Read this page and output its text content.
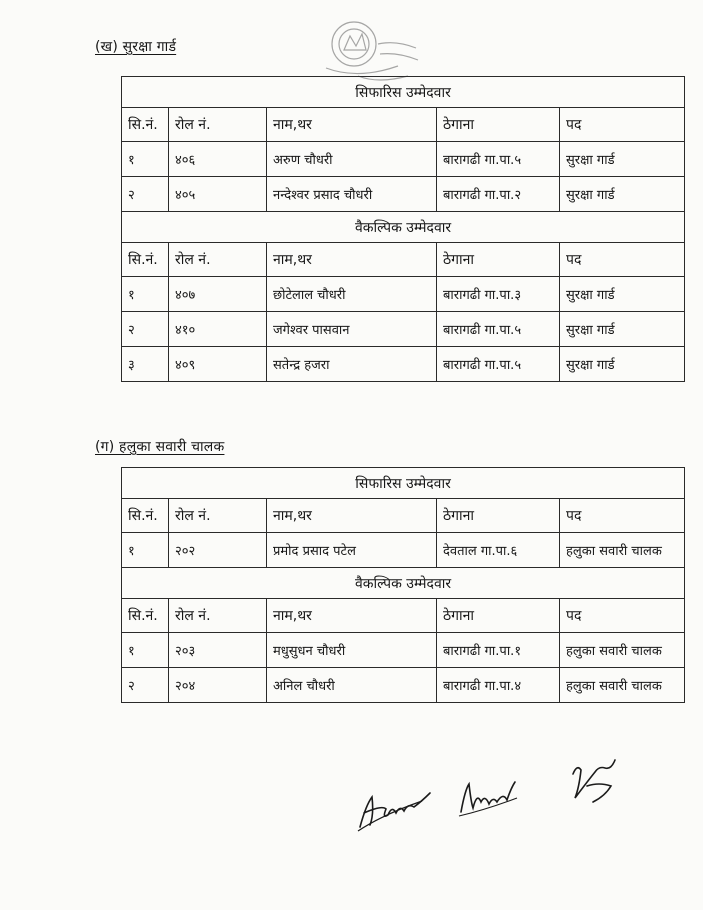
(ख) सुरक्षा गार्ड
(ग) हलुका सवारी चालक
सिफारिस उम्मेदवार				
सि.नं.	रोल नं.	नाम,थर	ठेगाना	पद
१	४०६	अरुण चौधरी	बारागढी गा.पा.५	सुरक्षा गार्ड
२	४०५	नन्देश्वर प्रसाद चौधरी	बारागढी गा.पा.२	सुरक्षा गार्ड
वैकल्पिक उम्मेदवार				
सि.नं.	रोल नं.	नाम,थर	ठेगाना	पद
१	४०७	छोटेलाल चौधरी	बारागढी गा.पा.३	सुरक्षा गार्ड
२	४१०	जगेश्वर पासवान	बारागढी गा.पा.५	सुरक्षा गार्ड
३	४०९	सतेन्द्र हजरा	बारागढी गा.पा.५	सुरक्षा गार्ड
सिफारिस उम्मेदवार				
सि.नं.	रोल नं.	नाम,थर	ठेगाना	पद
१	२०२	प्रमोद प्रसाद पटेल	देवताल गा.पा.६	हलुका सवारी चालक
वैकल्पिक उम्मेदवार				
सि.नं.	रोल नं.	नाम,थर	ठेगाना	पद
१	२०३	मधुसुधन चौधरी	बारागढी गा.पा.१	हलुका सवारी चालक
२	२०४	अनिल चौधरी	बारागढी गा.पा.४	हलुका सवारी चालक
